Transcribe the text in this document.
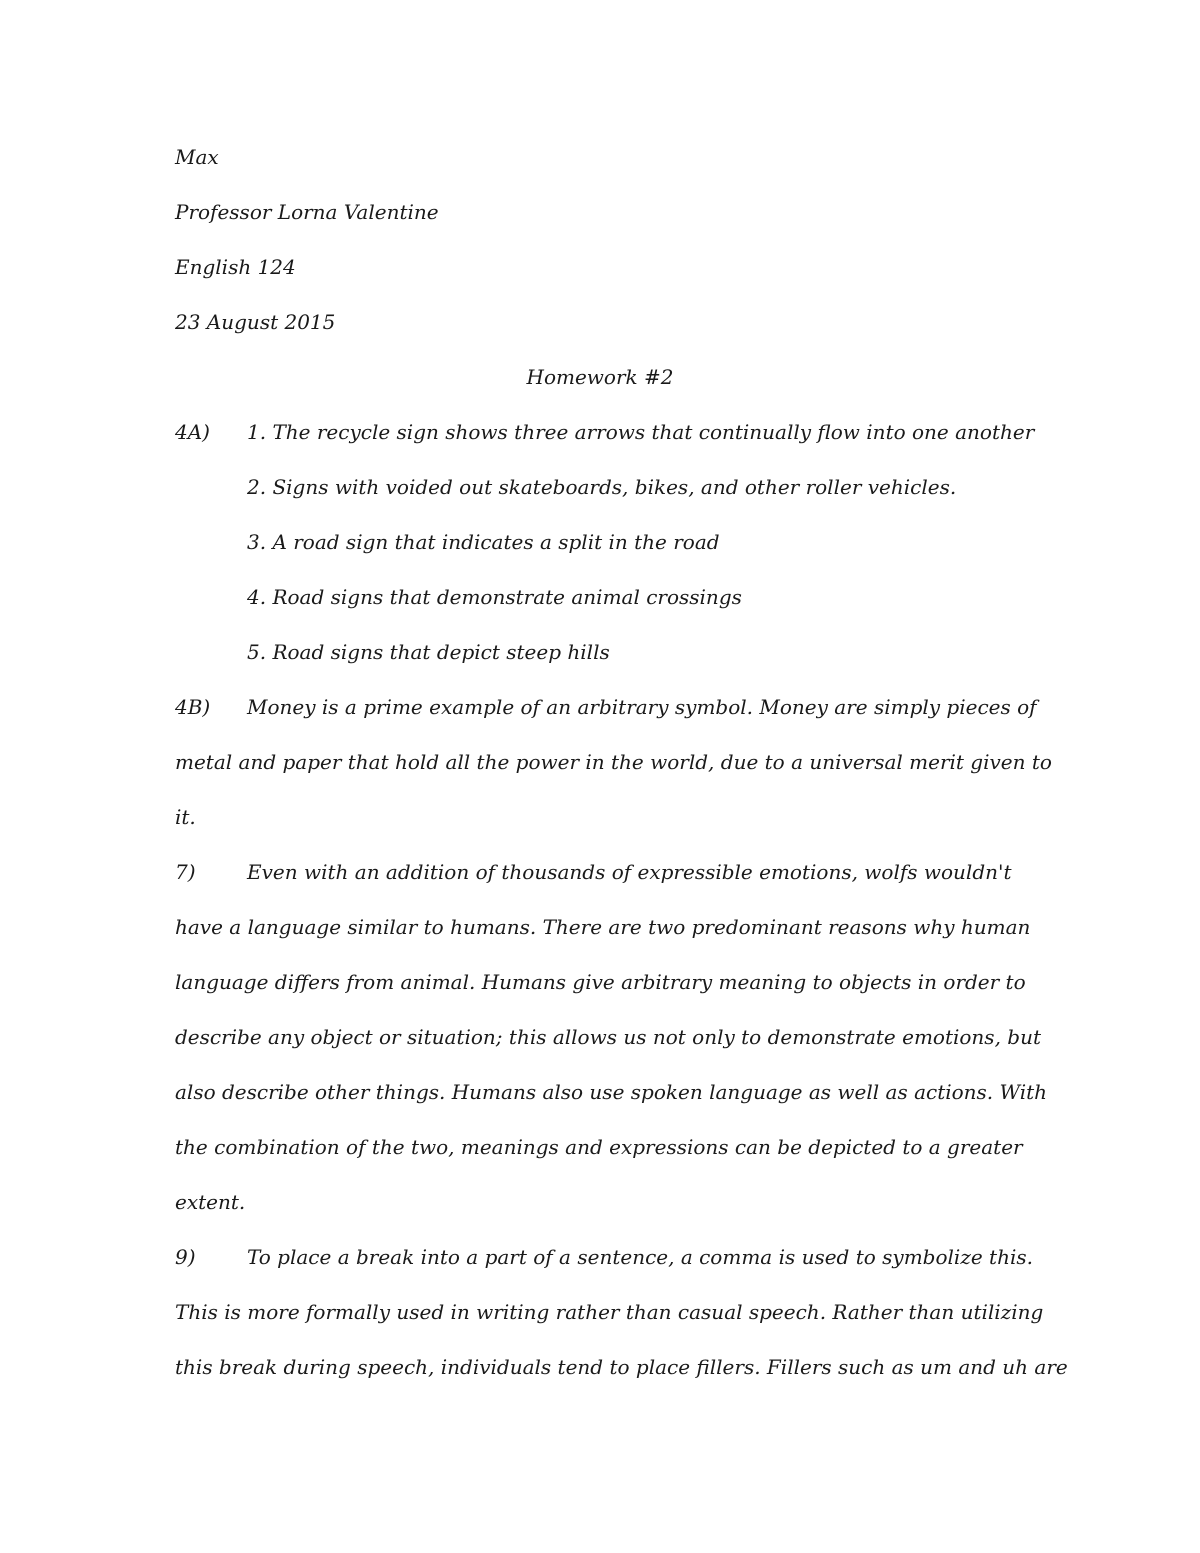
Max
Professor Lorna Valentine
English 124
23 August 2015
Homework #2
4A) 1. The recycle sign shows three arrows that continually flow into one another
2. Signs with voided out skateboards, bikes, and other roller vehicles.
3. A road sign that indicates a split in the road
4. Road signs that demonstrate animal crossings
5. Road signs that depict steep hills
4B) Money is a prime example of an arbitrary symbol. Money are simply pieces of
metal and paper that hold all the power in the world, due to a universal merit given to
it.
7)	Even with an addition of thousands of expressible emotions, wolfs wouldn't
have a language similar to humans. There are two predominant reasons why human
language differs from animal. Humans give arbitrary meaning to objects in order to
describe any object or situation; this allows us not only to demonstrate emotions, but
also describe other things. Humans also use spoken language as well as actions. With
the combination of the two, meanings and expressions can be depicted to a greater
extent.
9)	To place a break into a part of a sentence, a comma is used to symbolize this.
This is more formally used in writing rather than casual speech. Rather than utilizing
this break during speech, individuals tend to place fillers. Fillers such as um and uh are
